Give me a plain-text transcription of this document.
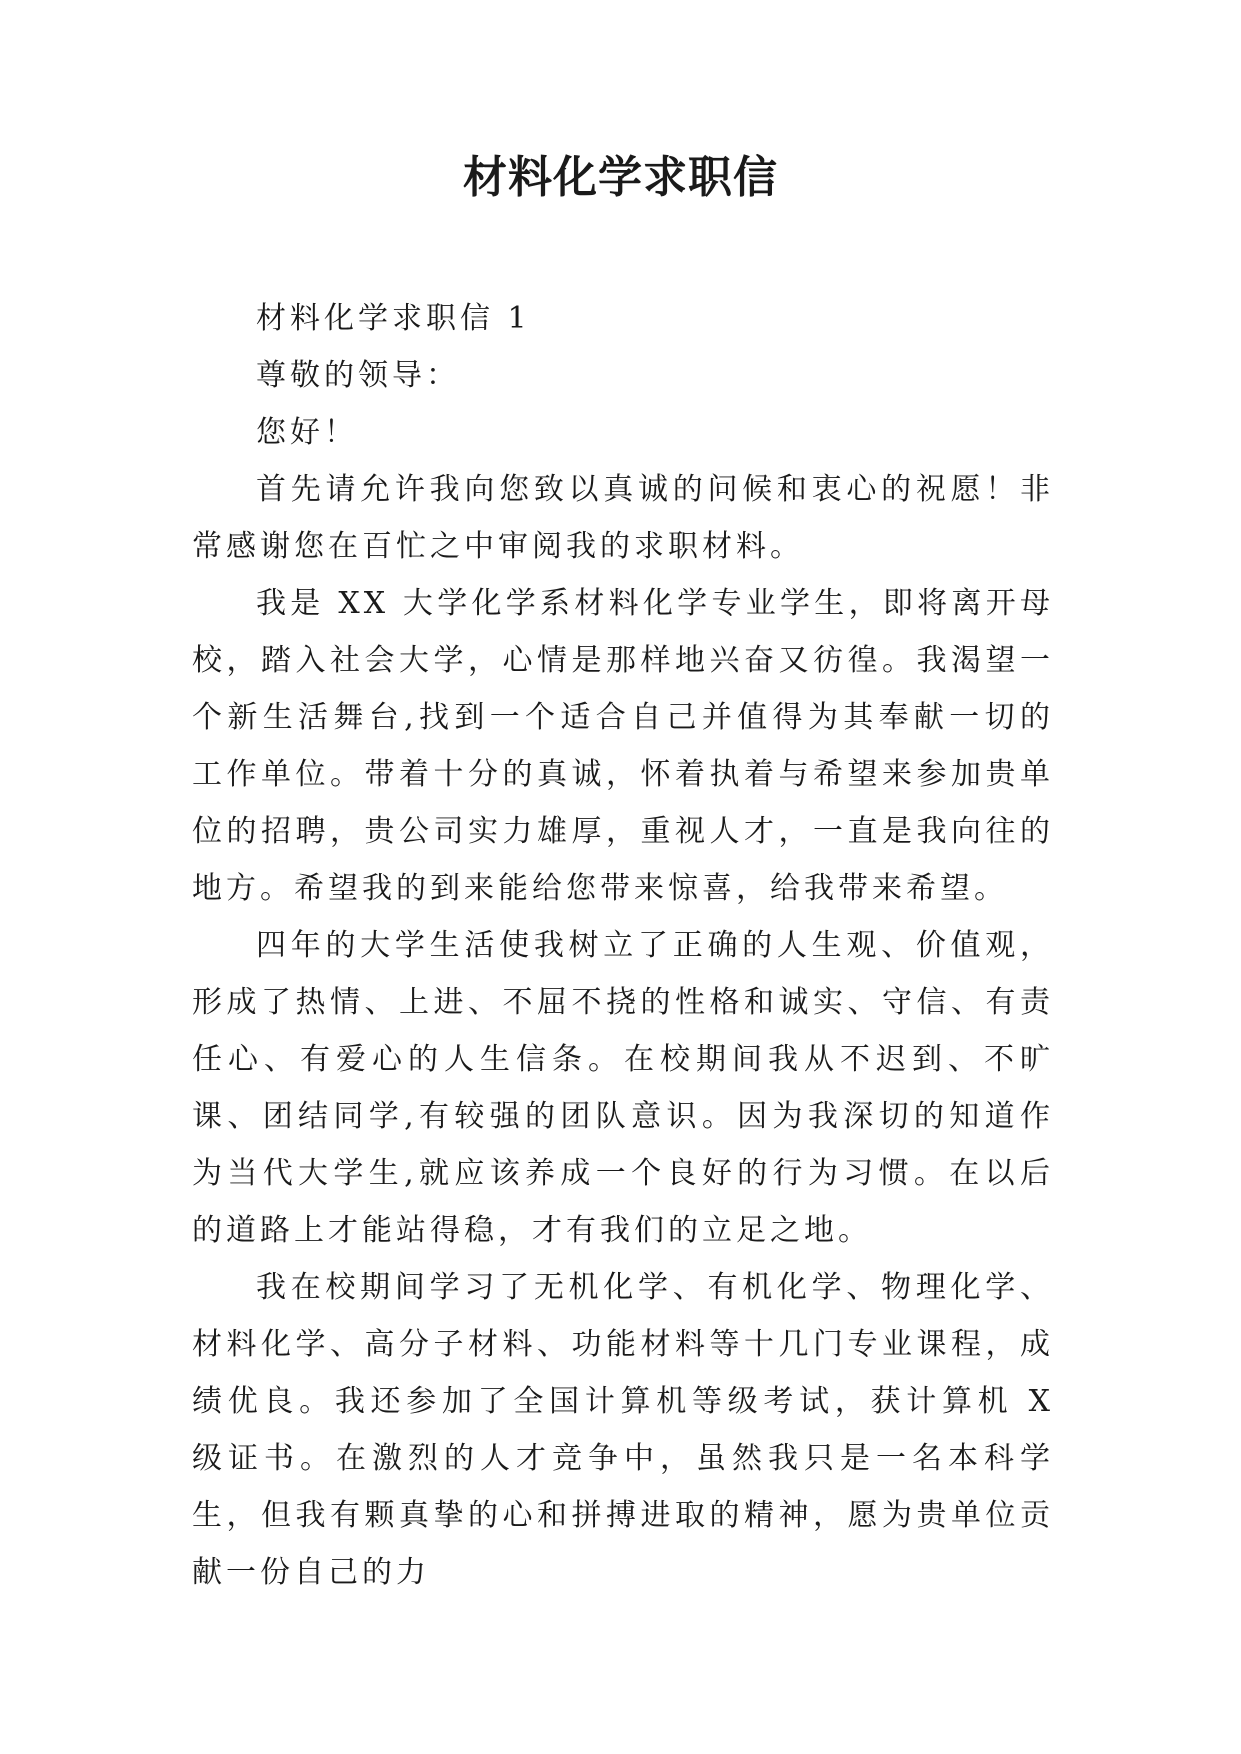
材料化学求职信

材料化学求职信 1

尊敬的领导：

您好！

首先请允许我向您致以真诚的问候和衷心的祝愿！非常感谢您在百忙之中审阅我的求职材料。

我是 XX 大学化学系材料化学专业学生，即将离开母校，踏入社会大学，心情是那样地兴奋又彷徨。我渴望一个新生活舞台,找到一个适合自己并值得为其奉献一切的工作单位。带着十分的真诚，怀着执着与希望来参加贵单位的招聘，贵公司实力雄厚，重视人才，一直是我向往的地方。希望我的到来能给您带来惊喜，给我带来希望。

四年的大学生活使我树立了正确的人生观、价值观，形成了热情、上进、不屈不挠的性格和诚实、守信、有责任心、有爱心的人生信条。在校期间我从不迟到、不旷课、团结同学,有较强的团队意识。因为我深切的知道作为当代大学生,就应该养成一个良好的行为习惯。在以后的道路上才能站得稳，才有我们的立足之地。

我在校期间学习了无机化学、有机化学、物理化学、材料化学、高分子材料、功能材料等十几门专业课程，成绩优良。我还参加了全国计算机等级考试，获计算机 X 级证书。在激烈的人才竞争中，虽然我只是一名本科学生，但我有颗真挚的心和拼搏进取的精神，愿为贵单位贡献一份自己的力
